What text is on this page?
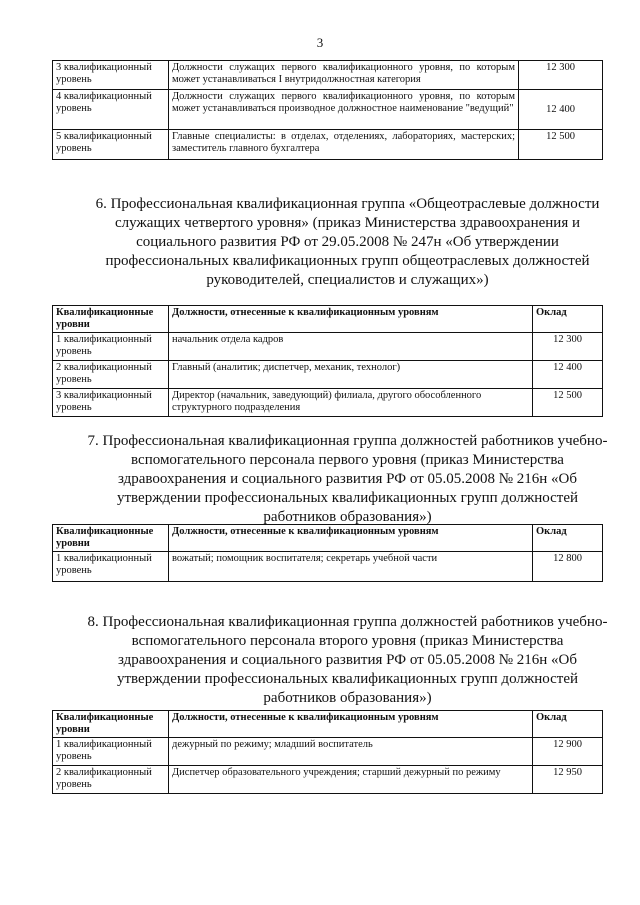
3
3 квалификационный уровень	Должности служащих первого квалификационного уровня, по которым может устанавливаться I внутридолжностная категория	12 300
4 квалификационный уровень	Должности служащих первого квалификационного уровня, по которым может устанавливаться производное должностное наименование "ведущий"	12 400
5 квалификационный уровень	Главные специалисты: в отделах, отделениях, лабораториях, мастерских; заместитель главного бухгалтера	12 500
6. Профессиональная квалификационная группа «Общеотраслевые должности служащих четвертого уровня» (приказ Министерства здравоохранения и социального развития РФ от 29.05.2008 № 247н «Об утверждении профессиональных квалификационных групп общеотраслевых должностей руководителей, специалистов и служащих»)
Квалификационные уровни	Должности, отнесенные к квалификационным уровням	Оклад
1 квалификационный уровень	начальник отдела кадров	12 300
2 квалификационный уровень	Главный (аналитик; диспетчер, механик, технолог)	12 400
3 квалификационный уровень	Директор (начальник, заведующий) филиала, другого обособленного структурного подразделения	12 500
7. Профессиональная квалификационная группа должностей работников учебно-вспомогательного персонала первого уровня (приказ Министерства здравоохранения и социального развития РФ от 05.05.2008 № 216н «Об утверждении профессиональных квалификационных групп должностей работников образования»)
Квалификационные уровни	Должности, отнесенные к квалификационным уровням	Оклад
1 квалификационный уровень	вожатый; помощник воспитателя; секретарь учебной части	12 800
8. Профессиональная квалификационная группа должностей работников учебно-вспомогательного персонала второго уровня (приказ Министерства здравоохранения и социального развития РФ от 05.05.2008 № 216н «Об утверждении профессиональных квалификационных групп должностей работников образования»)
Квалификационные уровни	Должности, отнесенные к квалификационным уровням	Оклад
1 квалификационный уровень	дежурный по режиму; младший воспитатель	12 900
2 квалификационный уровень	Диспетчер образовательного учреждения; старший дежурный по режиму	12 950
